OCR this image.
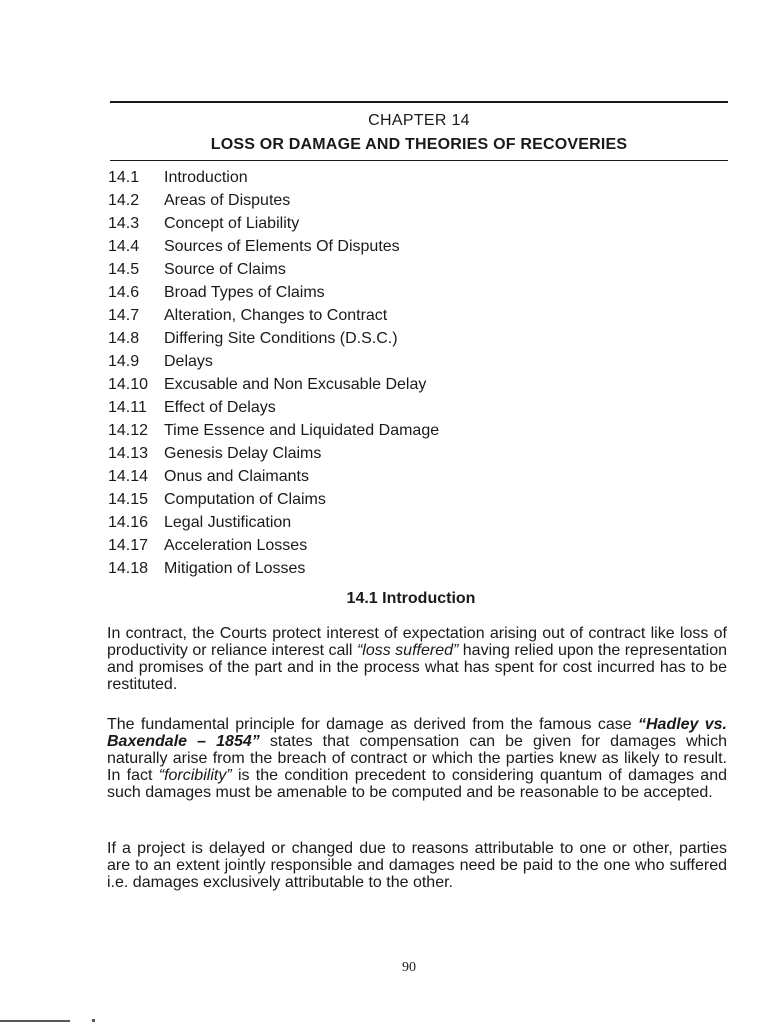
CHAPTER 14
LOSS OR DAMAGE AND THEORIES OF RECOVERIES
14.1	Introduction
14.2	Areas of Disputes
14.3	Concept of Liability
14.4	Sources of Elements Of Disputes
14.5	Source of Claims
14.6	Broad Types of Claims
14.7	Alteration, Changes to Contract
14.8	Differing Site Conditions (D.S.C.)
14.9	Delays
14.10 Excusable and Non Excusable Delay
14.11	Effect of Delays
14.12 Time Essence and Liquidated Damage
14.13 Genesis Delay Claims
14.14 Onus and Claimants
14.15 Computation of Claims
14.16 Legal Justification
14.17 Acceleration Losses
14.18 Mitigation of Losses
14.1 Introduction

In contract, the Courts protect interest of expectation arising out of contract like loss of productivity or reliance interest call “loss suffered” having relied upon the representation and promises of the part and in the process what has spent for cost incurred has to be restituted.

The fundamental principle for damage as derived from the famous case “Hadley vs. Baxendale – 1854” states that compensation can be given for damages which naturally arise from the breach of contract or which the parties knew as likely to result. In fact “forcibility” is the condition precedent to considering quantum of damages and such damages must be amenable to be computed and be reasonable to be accepted.

If a project is delayed or changed due to reasons attributable to one or other, parties are to an extent jointly responsible and damages need be paid to the one who suffered i.e. damages exclusively attributable to the other.

90
